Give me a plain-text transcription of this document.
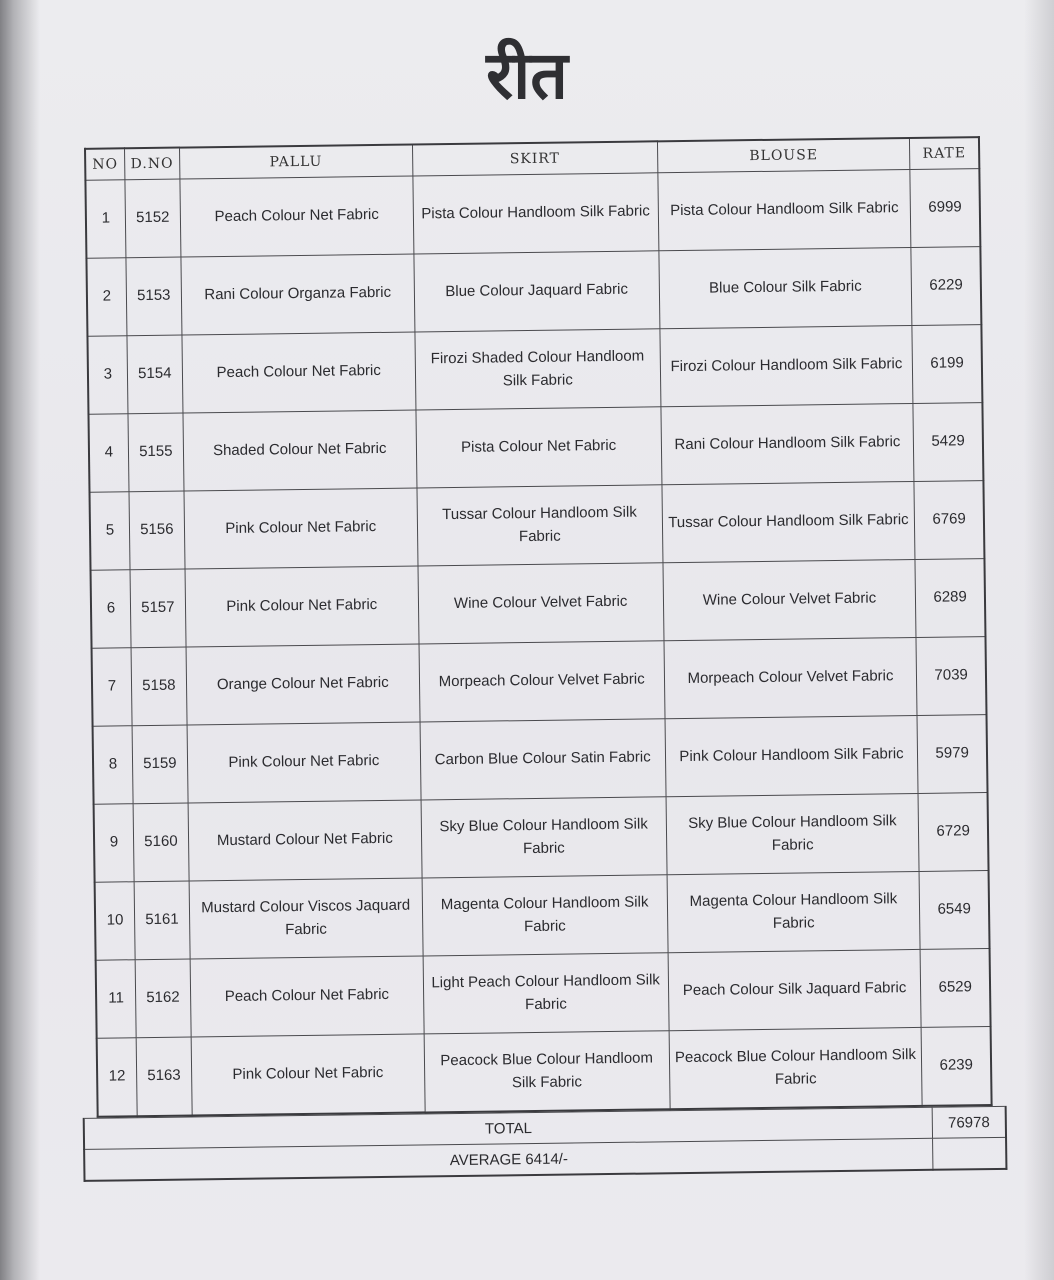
रीत
NO	D.NO	PALLU	SKIRT	BLOUSE	RATE
1	5152	Peach Colour Net Fabric	Pista Colour Handloom Silk Fabric	Pista Colour Handloom Silk Fabric	6999
2	5153	Rani Colour Organza Fabric	Blue Colour Jaquard Fabric	Blue Colour Silk Fabric	6229
3	5154	Peach Colour Net Fabric	Firozi Shaded Colour Handloom Silk Fabric	Firozi Colour Handloom Silk Fabric	6199
4	5155	Shaded Colour Net Fabric	Pista Colour Net Fabric	Rani Colour Handloom Silk Fabric	5429
5	5156	Pink Colour Net Fabric	Tussar Colour Handloom Silk Fabric	Tussar Colour Handloom Silk Fabric	6769
6	5157	Pink Colour Net Fabric	Wine Colour Velvet Fabric	Wine Colour Velvet Fabric	6289
7	5158	Orange Colour Net Fabric	Morpeach Colour Velvet Fabric	Morpeach Colour Velvet Fabric	7039
8	5159	Pink Colour Net Fabric	Carbon Blue Colour Satin Fabric	Pink Colour Handloom Silk Fabric	5979
9	5160	Mustard Colour Net Fabric	Sky Blue Colour Handloom Silk Fabric	Sky Blue Colour Handloom Silk Fabric	6729
10	5161	Mustard Colour Viscos Jaquard Fabric	Magenta Colour Handloom Silk Fabric	Magenta Colour Handloom Silk Fabric	6549
11	5162	Peach Colour Net Fabric	Light Peach Colour Handloom Silk Fabric	Peach Colour Silk Jaquard Fabric	6529
12	5163	Pink Colour Net Fabric	Peacock Blue Colour Handloom Silk Fabric	Peacock Blue Colour Handloom Silk Fabric	6239
TOTAL	76978
AVERAGE 6414/-	
